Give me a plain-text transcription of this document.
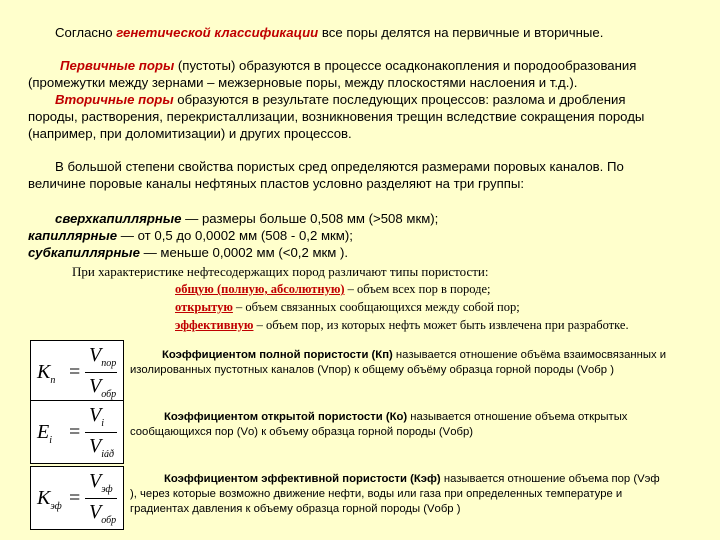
Согласно генетической классификации все поры делятся на первичные и вторичные.

Первичные поры (пустоты) образуются в процессе осадконакопления и породообразования

(промежутки между зернами – межзерновые поры, между плоскостями наслоения и т.д.).

Вторичные поры образуются в результате последующих процессов: разлома и дробления

породы, растворения, перекристаллизации, возникновения трещин вследствие сокращения породы

(например, при доломитизации) и других процессов.

В большой степени свойства пористых сред определяются размерами поровых каналов. По

величине поровые каналы нефтяных пластов условно разделяют на три группы:

сверхкапиллярные — размеры больше 0,508 мм (>508 мкм);

капиллярные — от 0,5 до 0,0002 мм (508 - 0,2 мкм);

субкапиллярные — меньше 0,0002 мм (<0,2 мкм ).

При характеристике нефтесодержащих пород различают типы пористости:

общую (полную, абсолютную) – объем всех пор в породе;

открытую – объем связанных сообщающихся между собой пор;

эффективную – объем пор, из которых нефть может быть извлечена при разработке.

$K_п$ =
$V_{пор}$
$V_{обр}$

Коэффициентом полной пористости (Кп) называется отношение объёма взаимосвязанных и

изолированных пустотных каналов (Vпор) к общему объёму образца горной породы (Vобр )

$E_і$ =
$V_і$
$V_{іáð}$

Коэффициентом открытой пористости (Ко) называется отношение объема открытых

сообщающихся пор (Vо) к объему образца горной породы (Vобр)

$K_{эф}$ =
$V_{эф}$
$V_{обр}$

Коэффициентом эффективной пористости (Кэф) называется отношение объема пор (Vэф

), через которые возможно движение нефти, воды или газа при определенных температуре и

градиентах давления к объему образца горной породы (Vобр )
